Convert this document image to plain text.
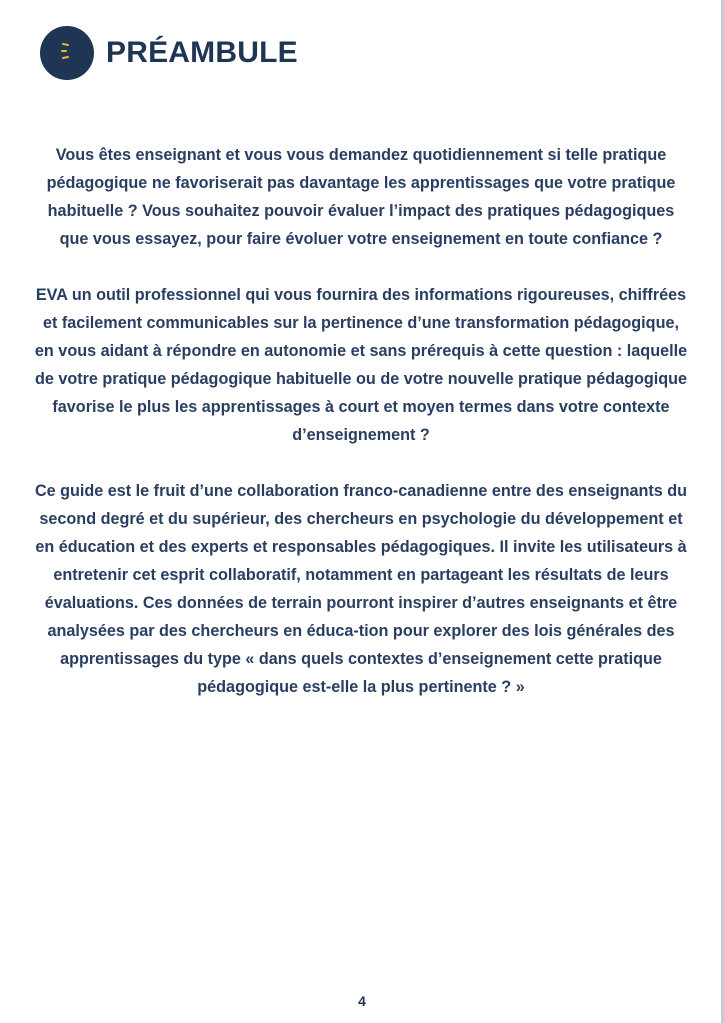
PRÉAMBULE

Vous êtes enseignant et vous vous demandez quotidiennement si telle pratique pédagogique ne favoriserait pas davantage les apprentissages que votre pratique habituelle ? Vous souhaitez pouvoir évaluer l’impact des pratiques pédagogiques que vous essayez, pour faire évoluer votre enseignement en toute confiance ?

EVA un outil professionnel qui vous fournira des informations rigoureuses, chiffrées et facilement communicables sur la pertinence d’une transformation pédagogique, en vous aidant à répondre en autonomie et sans prérequis à cette question : laquelle de votre pratique pédagogique habituelle ou de votre nouvelle pratique pédagogique favorise le plus les apprentissages à court et moyen termes dans votre contexte d’enseignement ?

Ce guide est le fruit d’une collaboration franco-canadienne entre des enseignants du second degré et du supérieur, des chercheurs en psychologie du développement et en éducation et des experts et responsables pédagogiques. Il invite les utilisateurs à entretenir cet esprit collaboratif, notamment en partageant les résultats de leurs évaluations. Ces données de terrain pourront inspirer d’autres enseignants et être analysées par des chercheurs en éduca-tion pour explorer des lois générales des apprentissages du type « dans quels contextes d’enseignement cette pratique pédagogique est-elle la plus pertinente ? »

4
